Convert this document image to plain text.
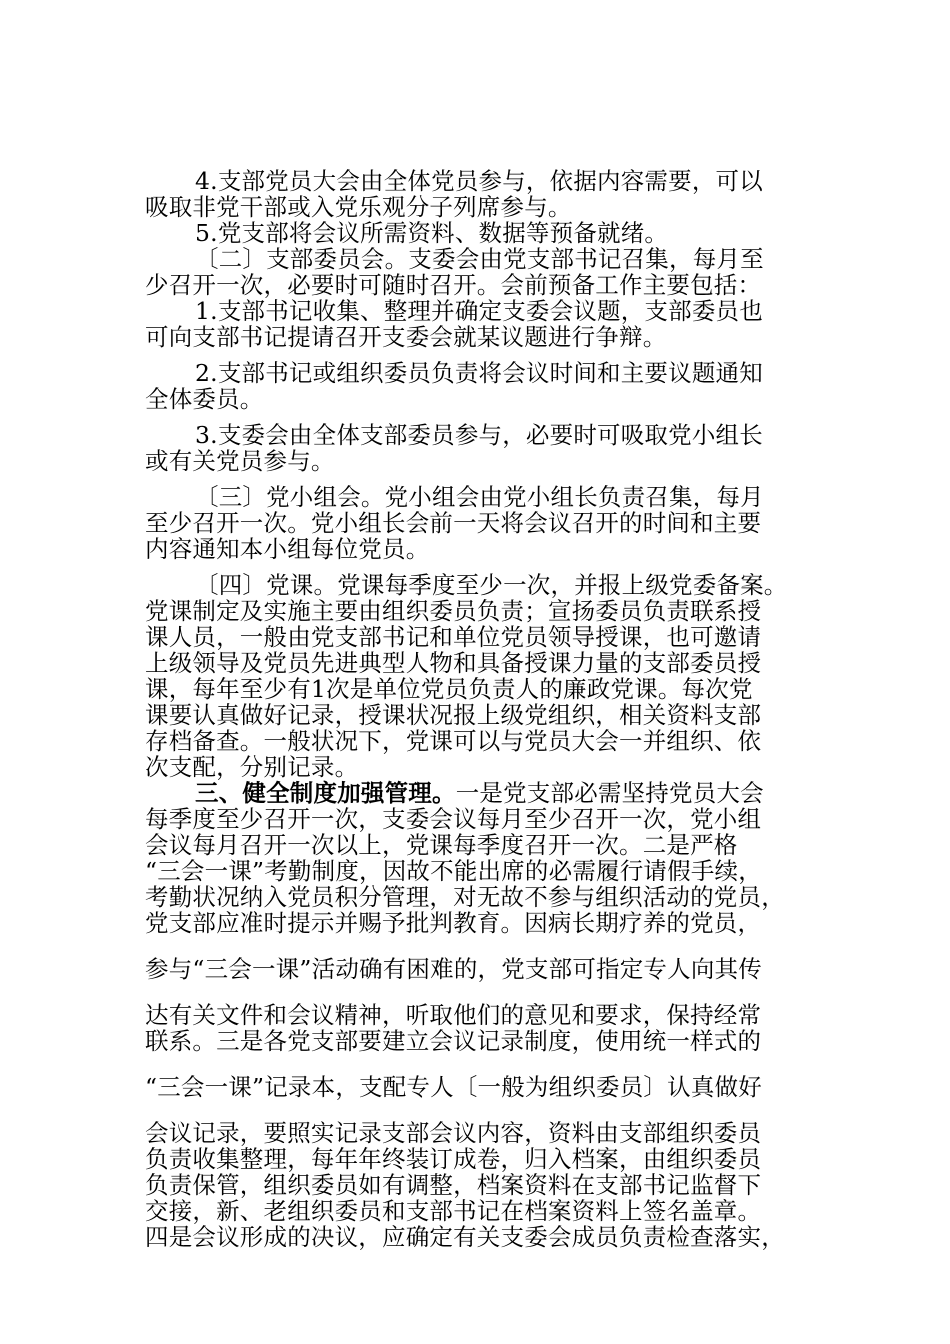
4.支部党员大会由全体党员参与，依据内容需要，可以
吸取非党干部或入党乐观分子列席参与。
5.党支部将会议所需资料、数据等预备就绪。
〔二〕支部委员会。支委会由党支部书记召集，每月至
少召开一次，必要时可随时召开。会前预备工作主要包括：
1.支部书记收集、整理并确定支委会议题，支部委员也
可向支部书记提请召开支委会就某议题进行争辩。
2.支部书记或组织委员负责将会议时间和主要议题通知
全体委员。
3.支委会由全体支部委员参与，必要时可吸取党小组长
或有关党员参与。
〔三〕党小组会。党小组会由党小组长负责召集，每月
至少召开一次。党小组长会前一天将会议召开的时间和主要
内容通知本小组每位党员。
〔四〕党课。党课每季度至少一次，并报上级党委备案。
党课制定及实施主要由组织委员负责；宣扬委员负责联系授
课人员，一般由党支部书记和单位党员领导授课，也可邀请
上级领导及党员先进典型人物和具备授课力量的支部委员授
课，每年至少有1次是单位党员负责人的廉政党课。每次党
课要认真做好记录，授课状况报上级党组织，相关资料支部
存档备查。一般状况下，党课可以与党员大会一并组织、依
次支配，分别记录。
三、健全制度加强管理。一是党支部必需坚持党员大会
每季度至少召开一次，支委会议每月至少召开一次，党小组
会议每月召开一次以上，党课每季度召开一次。二是严格
“三会一课”考勤制度，因故不能出席的必需履行请假手续，
考勤状况纳入党员积分管理，对无故不参与组织活动的党员，
党支部应准时提示并赐予批判教育。因病长期疗养的党员，
参与“三会一课”活动确有困难的，党支部可指定专人向其传
达有关文件和会议精神，听取他们的意见和要求，保持经常
联系。三是各党支部要建立会议记录制度，使用统一样式的
“三会一课”记录本，支配专人〔一般为组织委员〕认真做好
会议记录，要照实记录支部会议内容，资料由支部组织委员
负责收集整理，每年年终装订成卷，归入档案，由组织委员
负责保管，组织委员如有调整，档案资料在支部书记监督下
交接，新、老组织委员和支部书记在档案资料上签名盖章。
四是会议形成的决议，应确定有关支委会成员负责检查落实，
